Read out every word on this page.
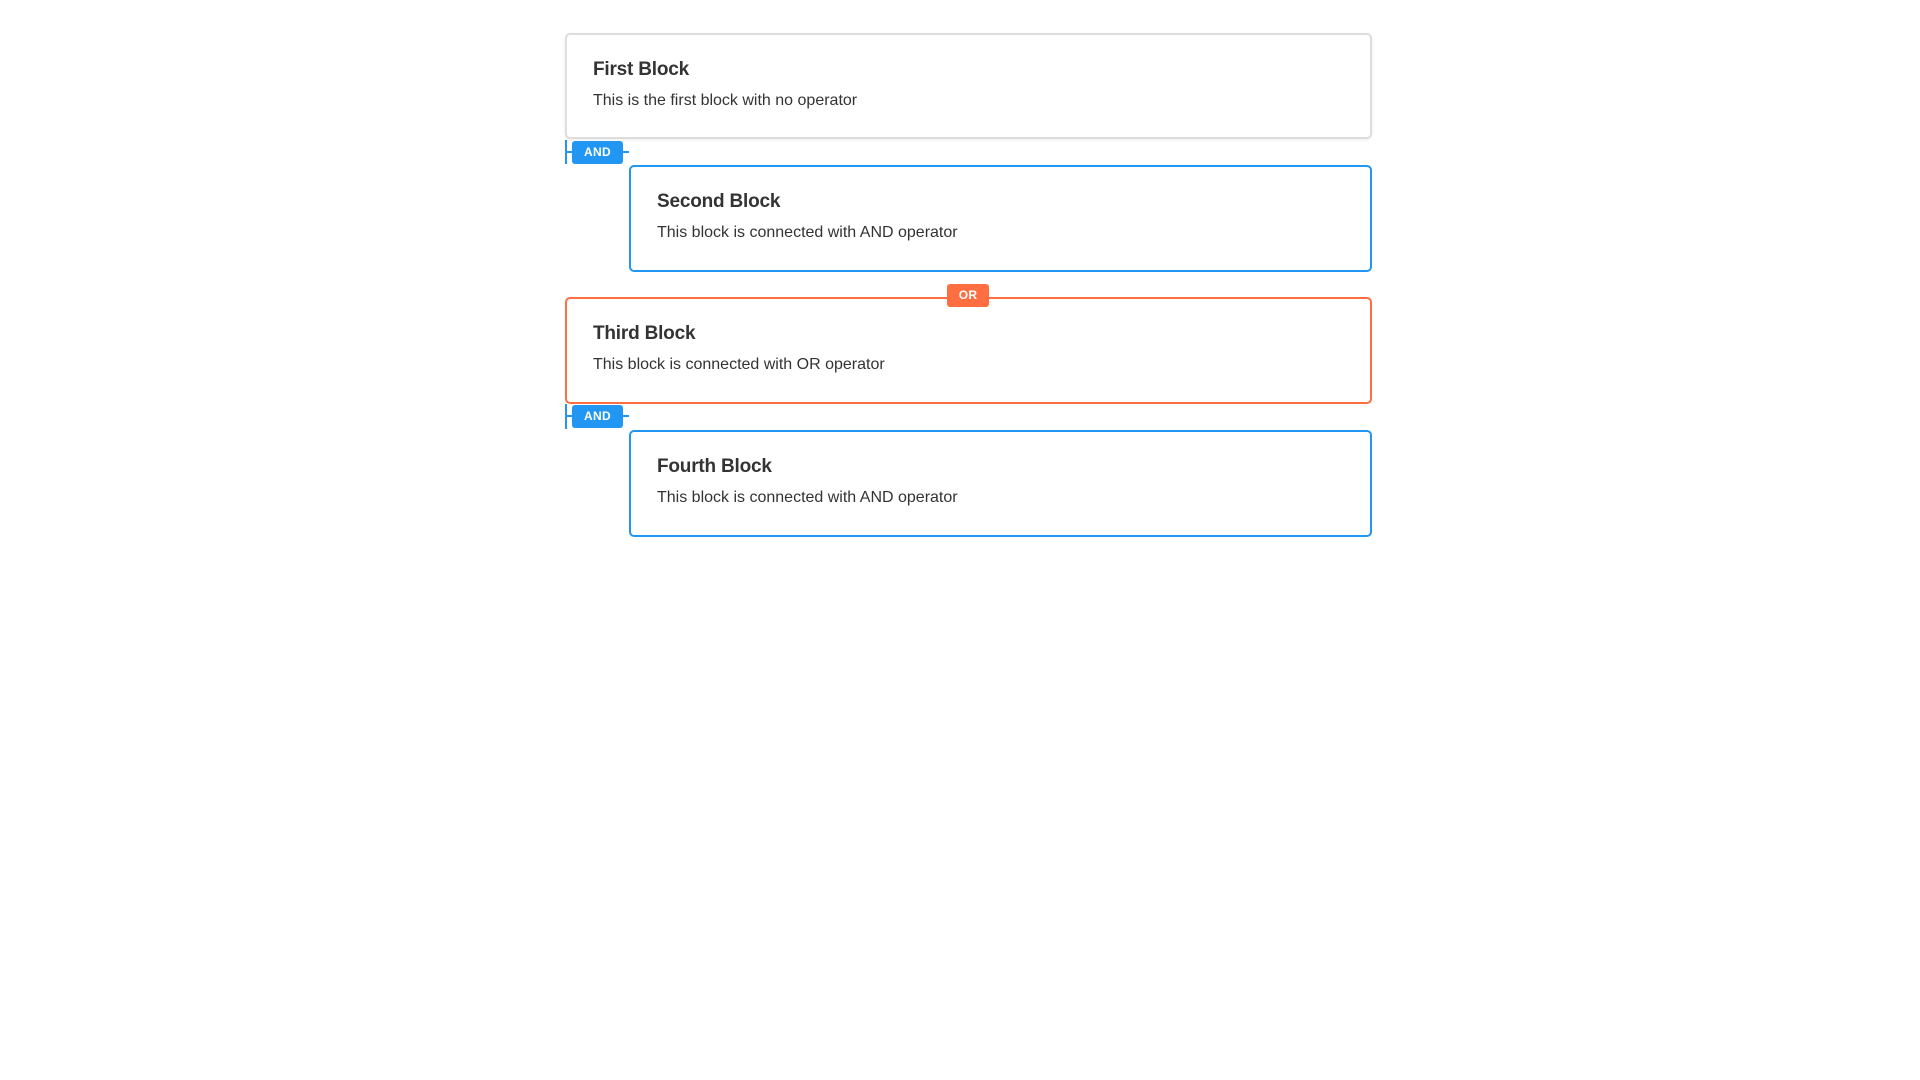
First Block
This is the first block with no operator
AND
Second Block
This block is connected with AND operator
Third Block
This block is connected with OR operator
OR
AND
Fourth Block
This block is connected with AND operator
